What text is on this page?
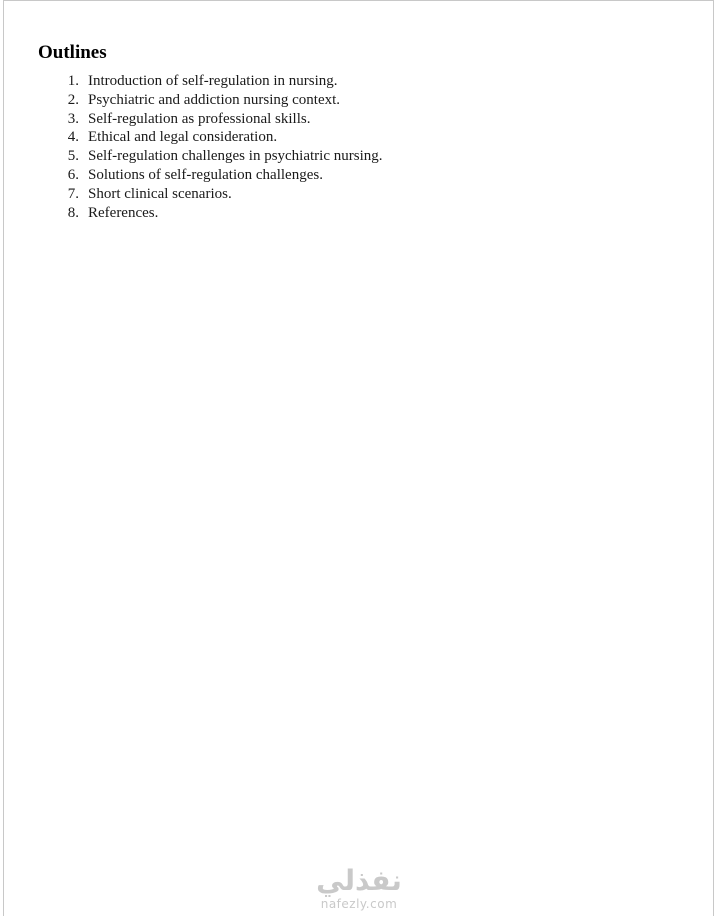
Outlines
1. Introduction of self-regulation in nursing.
2. Psychiatric and addiction nursing context.
3. Self-regulation as professional skills.
4. Ethical and legal consideration.
5. Self-regulation challenges in psychiatric nursing.
6. Solutions of self-regulation challenges.
7. Short clinical scenarios.
8. References.
نفذلي
nafezly.com
